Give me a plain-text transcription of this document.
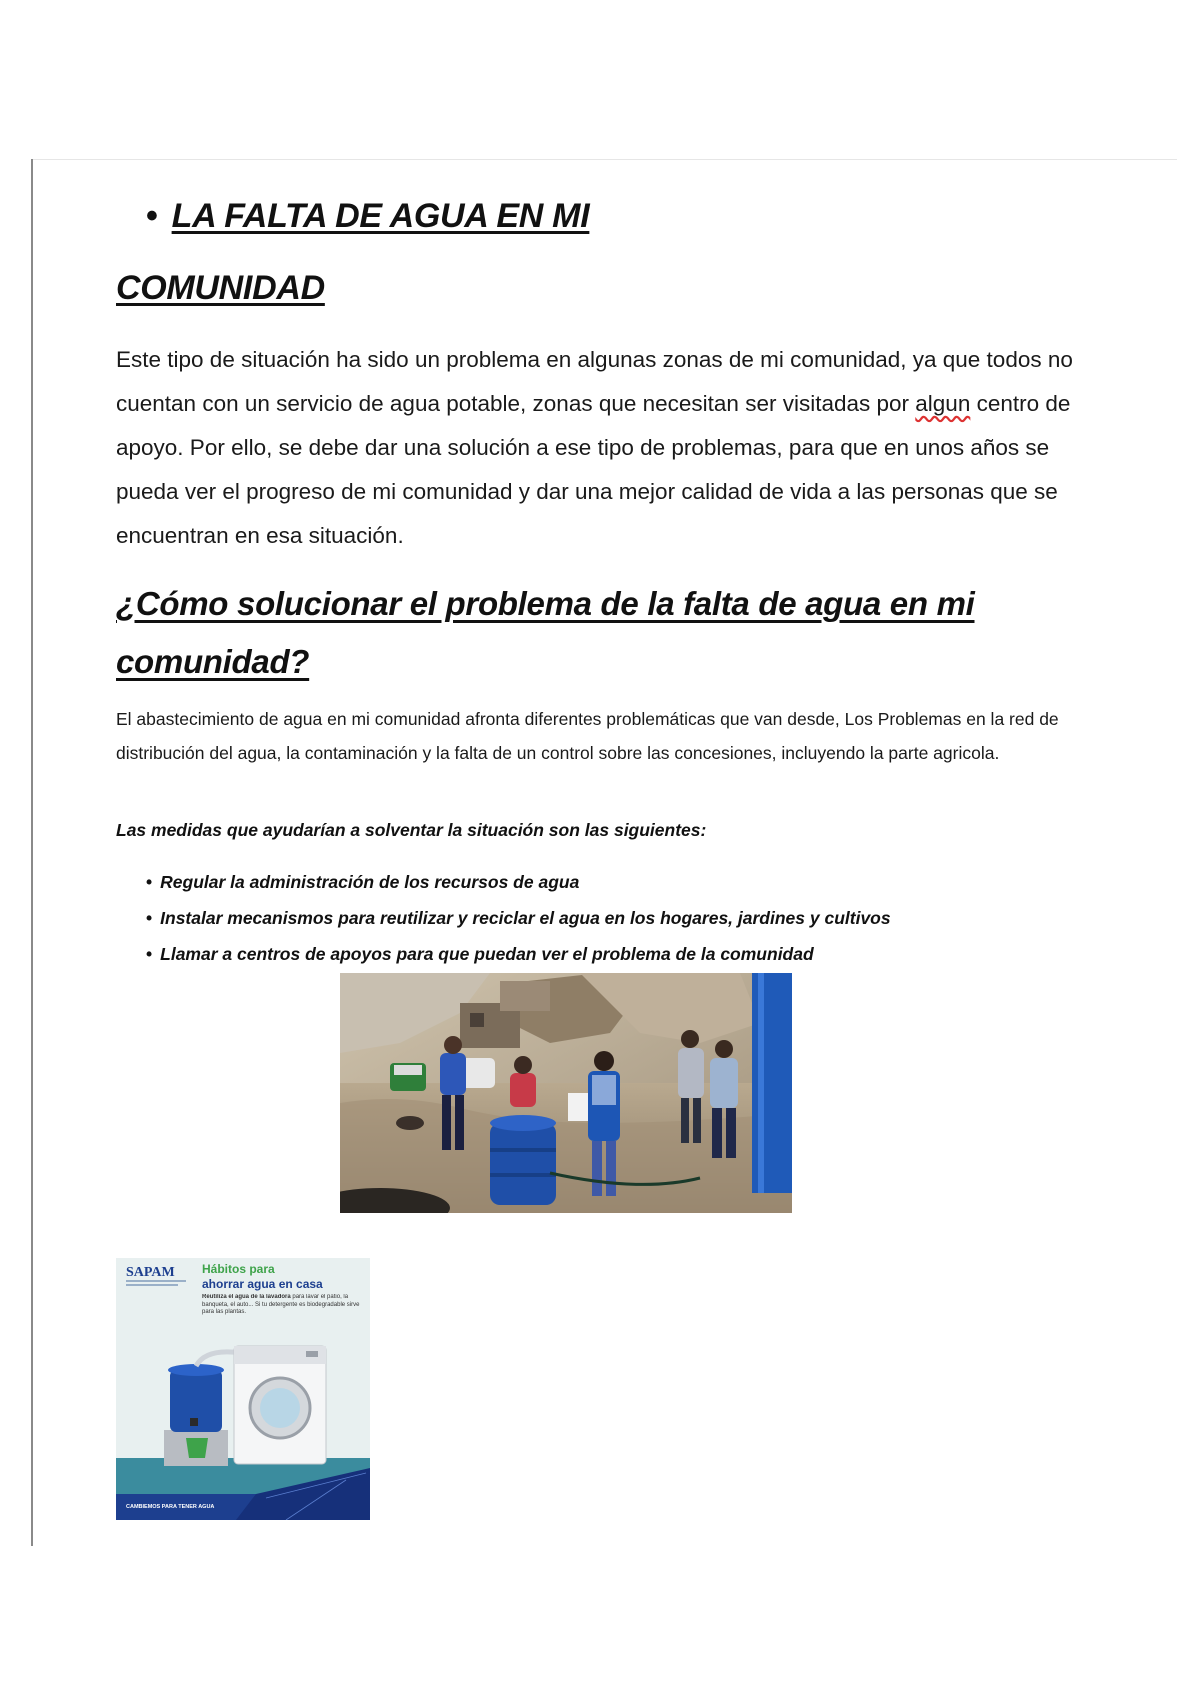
• LA FALTA DE AGUA EN MI
COMUNIDAD

Este tipo de situación ha sido un problema en algunas zonas de mi comunidad, ya que todos no cuentan con un servicio de agua potable, zonas que necesitan ser visitadas por algun centro de apoyo. Por ello, se debe dar una solución a ese tipo de problemas, para que en unos años se pueda ver el progreso de mi comunidad y dar una mejor calidad de vida a las personas que se encuentran en esa situación.

¿Cómo solucionar el problema de la falta de agua en mi comunidad?

El abastecimiento de agua en mi comunidad afronta diferentes problemáticas que van desde, Los Problemas en la red de distribución del agua, la contaminación y la falta de un control sobre las concesiones, incluyendo la parte agricola.

Las medidas que ayudarían a solventar la situación son las siguientes:

• Regular la administración de los recursos de agua
• Instalar mecanismos para reutilizar y reciclar el agua en los hogares, jardines y cultivos
• Llamar a centros de apoyos para que puedan ver el problema de la comunidad
SAPAM Hábitos para
ahorrar agua en casa
Reutiliza el agua de la lavadora para lavar el patio, la banqueta, el auto... Si tu detergente es biodegradable sirve para las plantas.
CAMBIEMOS PARA TENER AGUA
